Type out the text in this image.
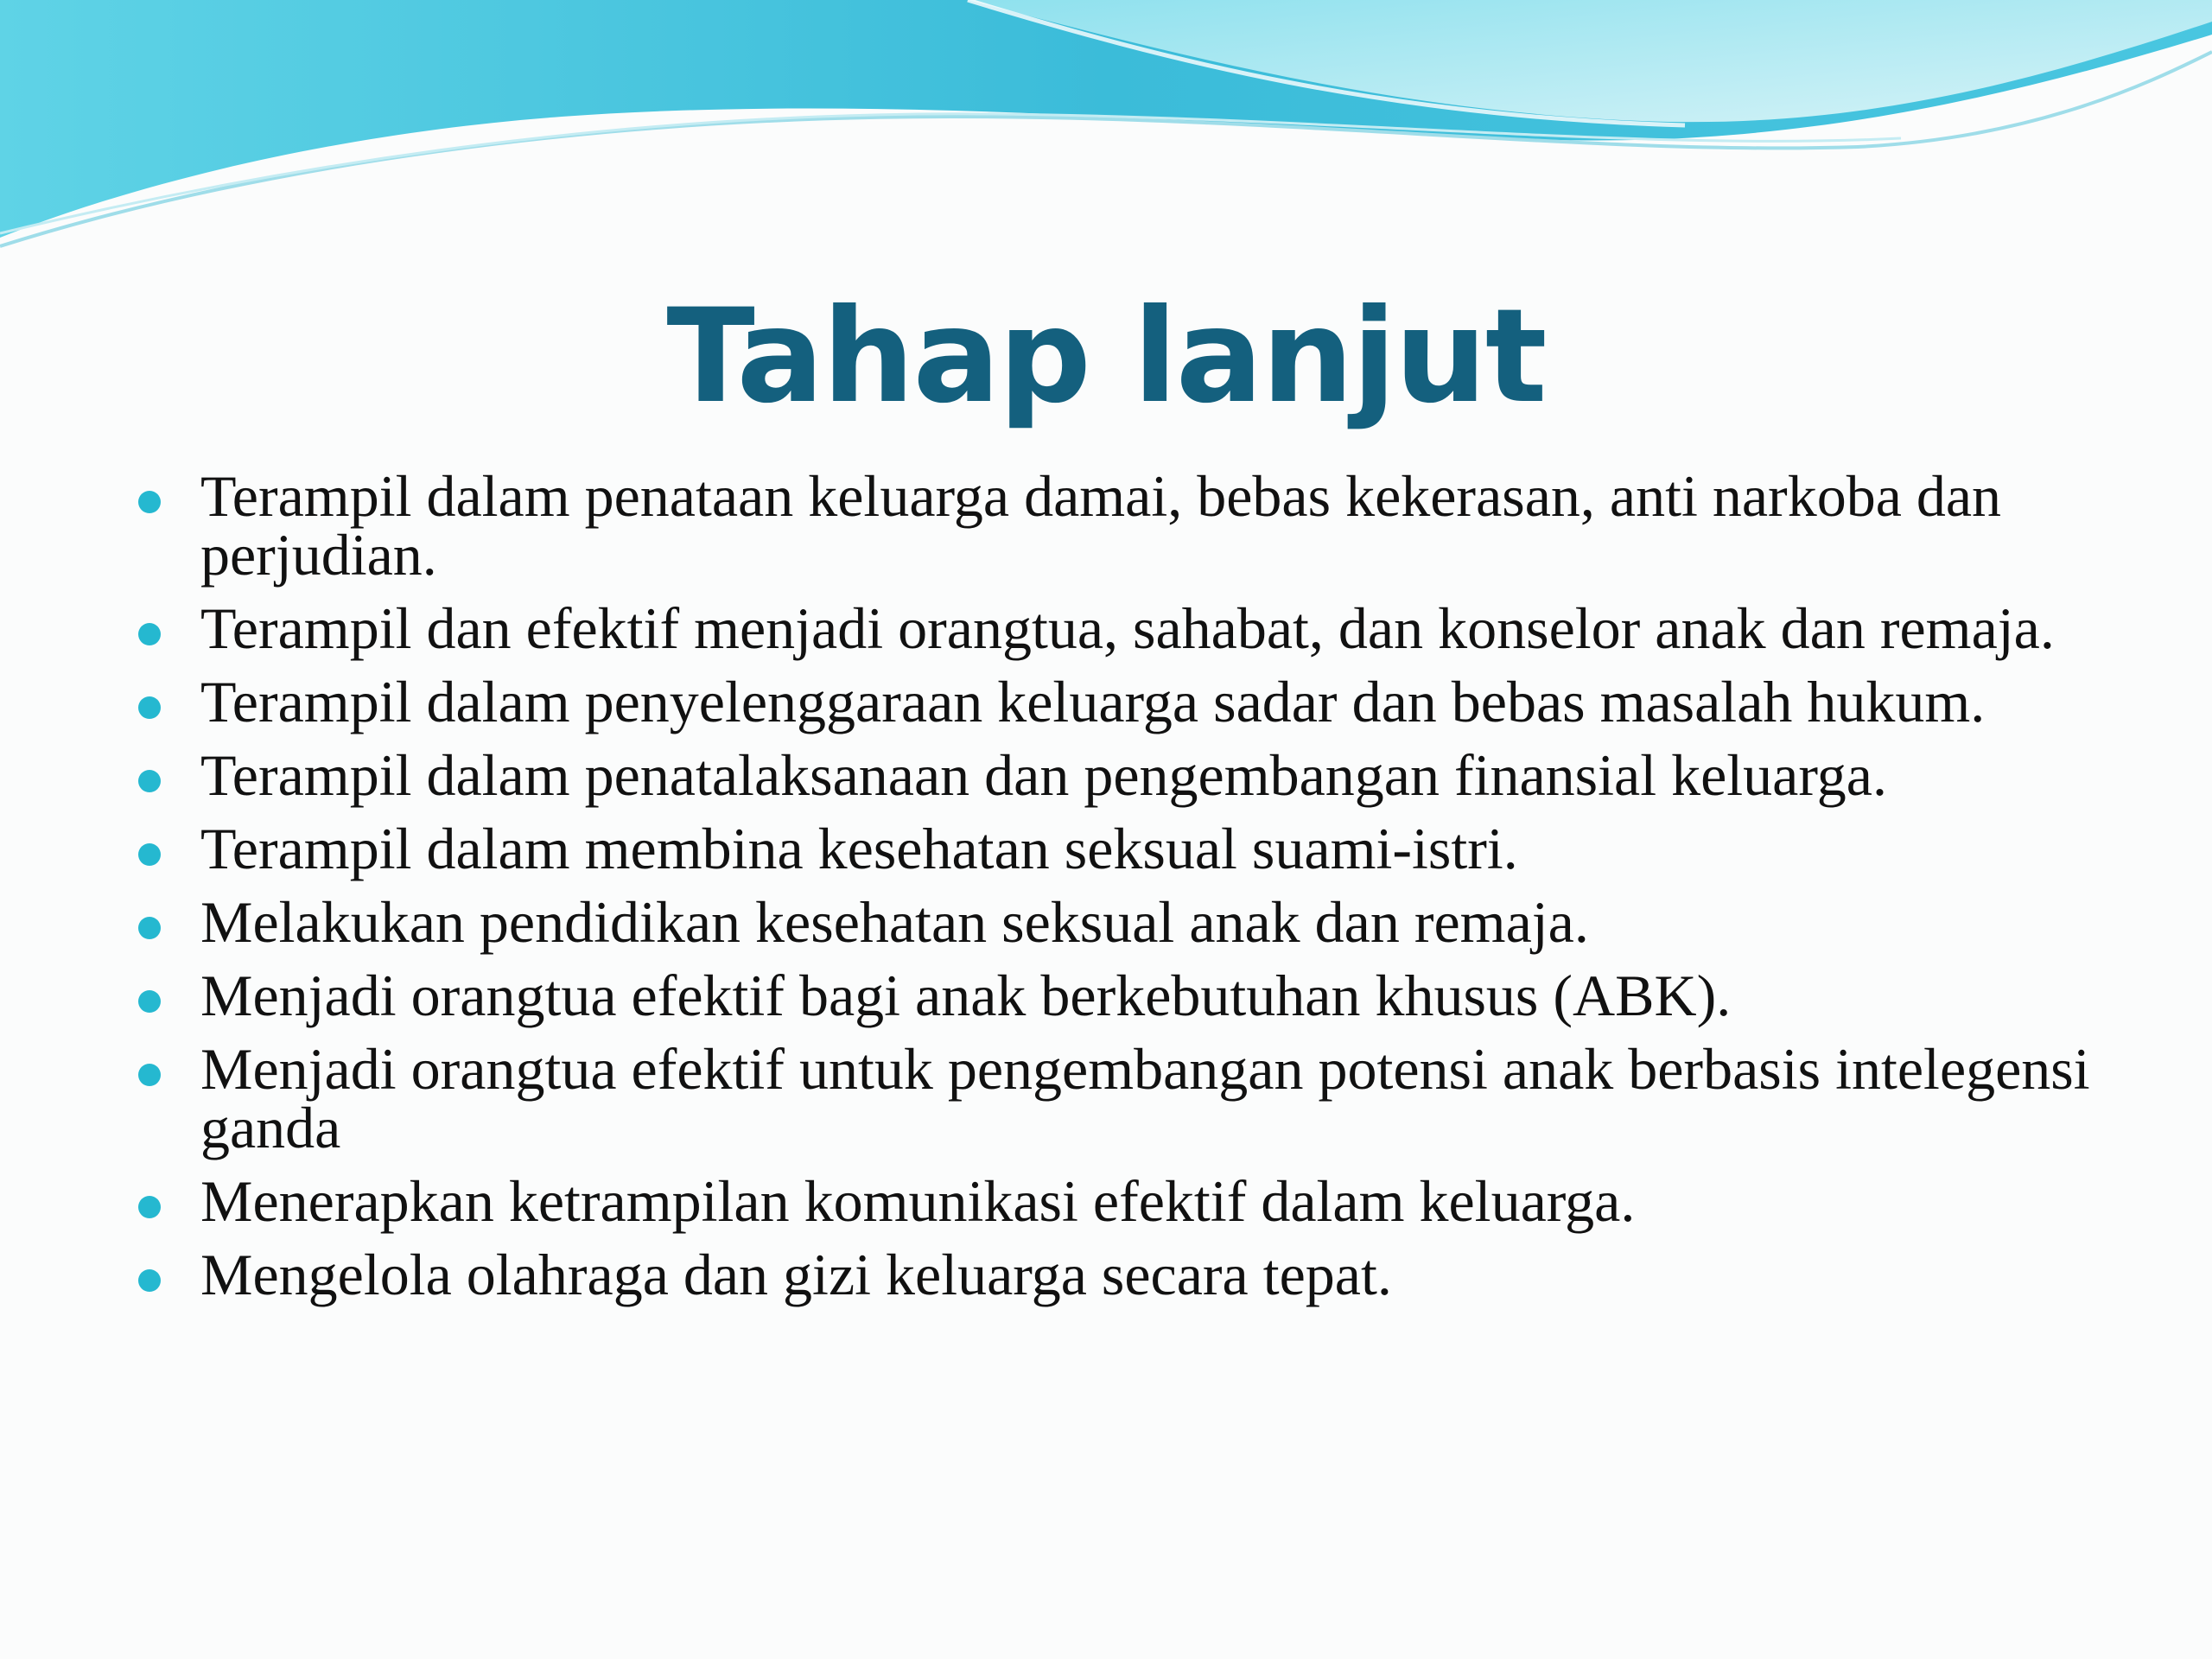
Tahap lanjut
Terampil dalam penataan keluarga damai, bebas kekerasan, anti narkoba dan perjudian.
Terampil dan efektif menjadi orangtua, sahabat, dan konselor anak dan remaja.
Terampil dalam penyelenggaraan keluarga sadar dan bebas masalah hukum.
Terampil dalam penatalaksanaan dan pengembangan finansial keluarga.
Terampil dalam membina kesehatan seksual suami-istri.
Melakukan pendidikan kesehatan seksual anak dan remaja.
Menjadi orangtua efektif bagi anak berkebutuhan khusus (ABK).
Menjadi orangtua efektif untuk pengembangan potensi anak berbasis intelegensi ganda
Menerapkan ketrampilan komunikasi efektif dalam keluarga.
Mengelola olahraga dan gizi keluarga secara tepat.
